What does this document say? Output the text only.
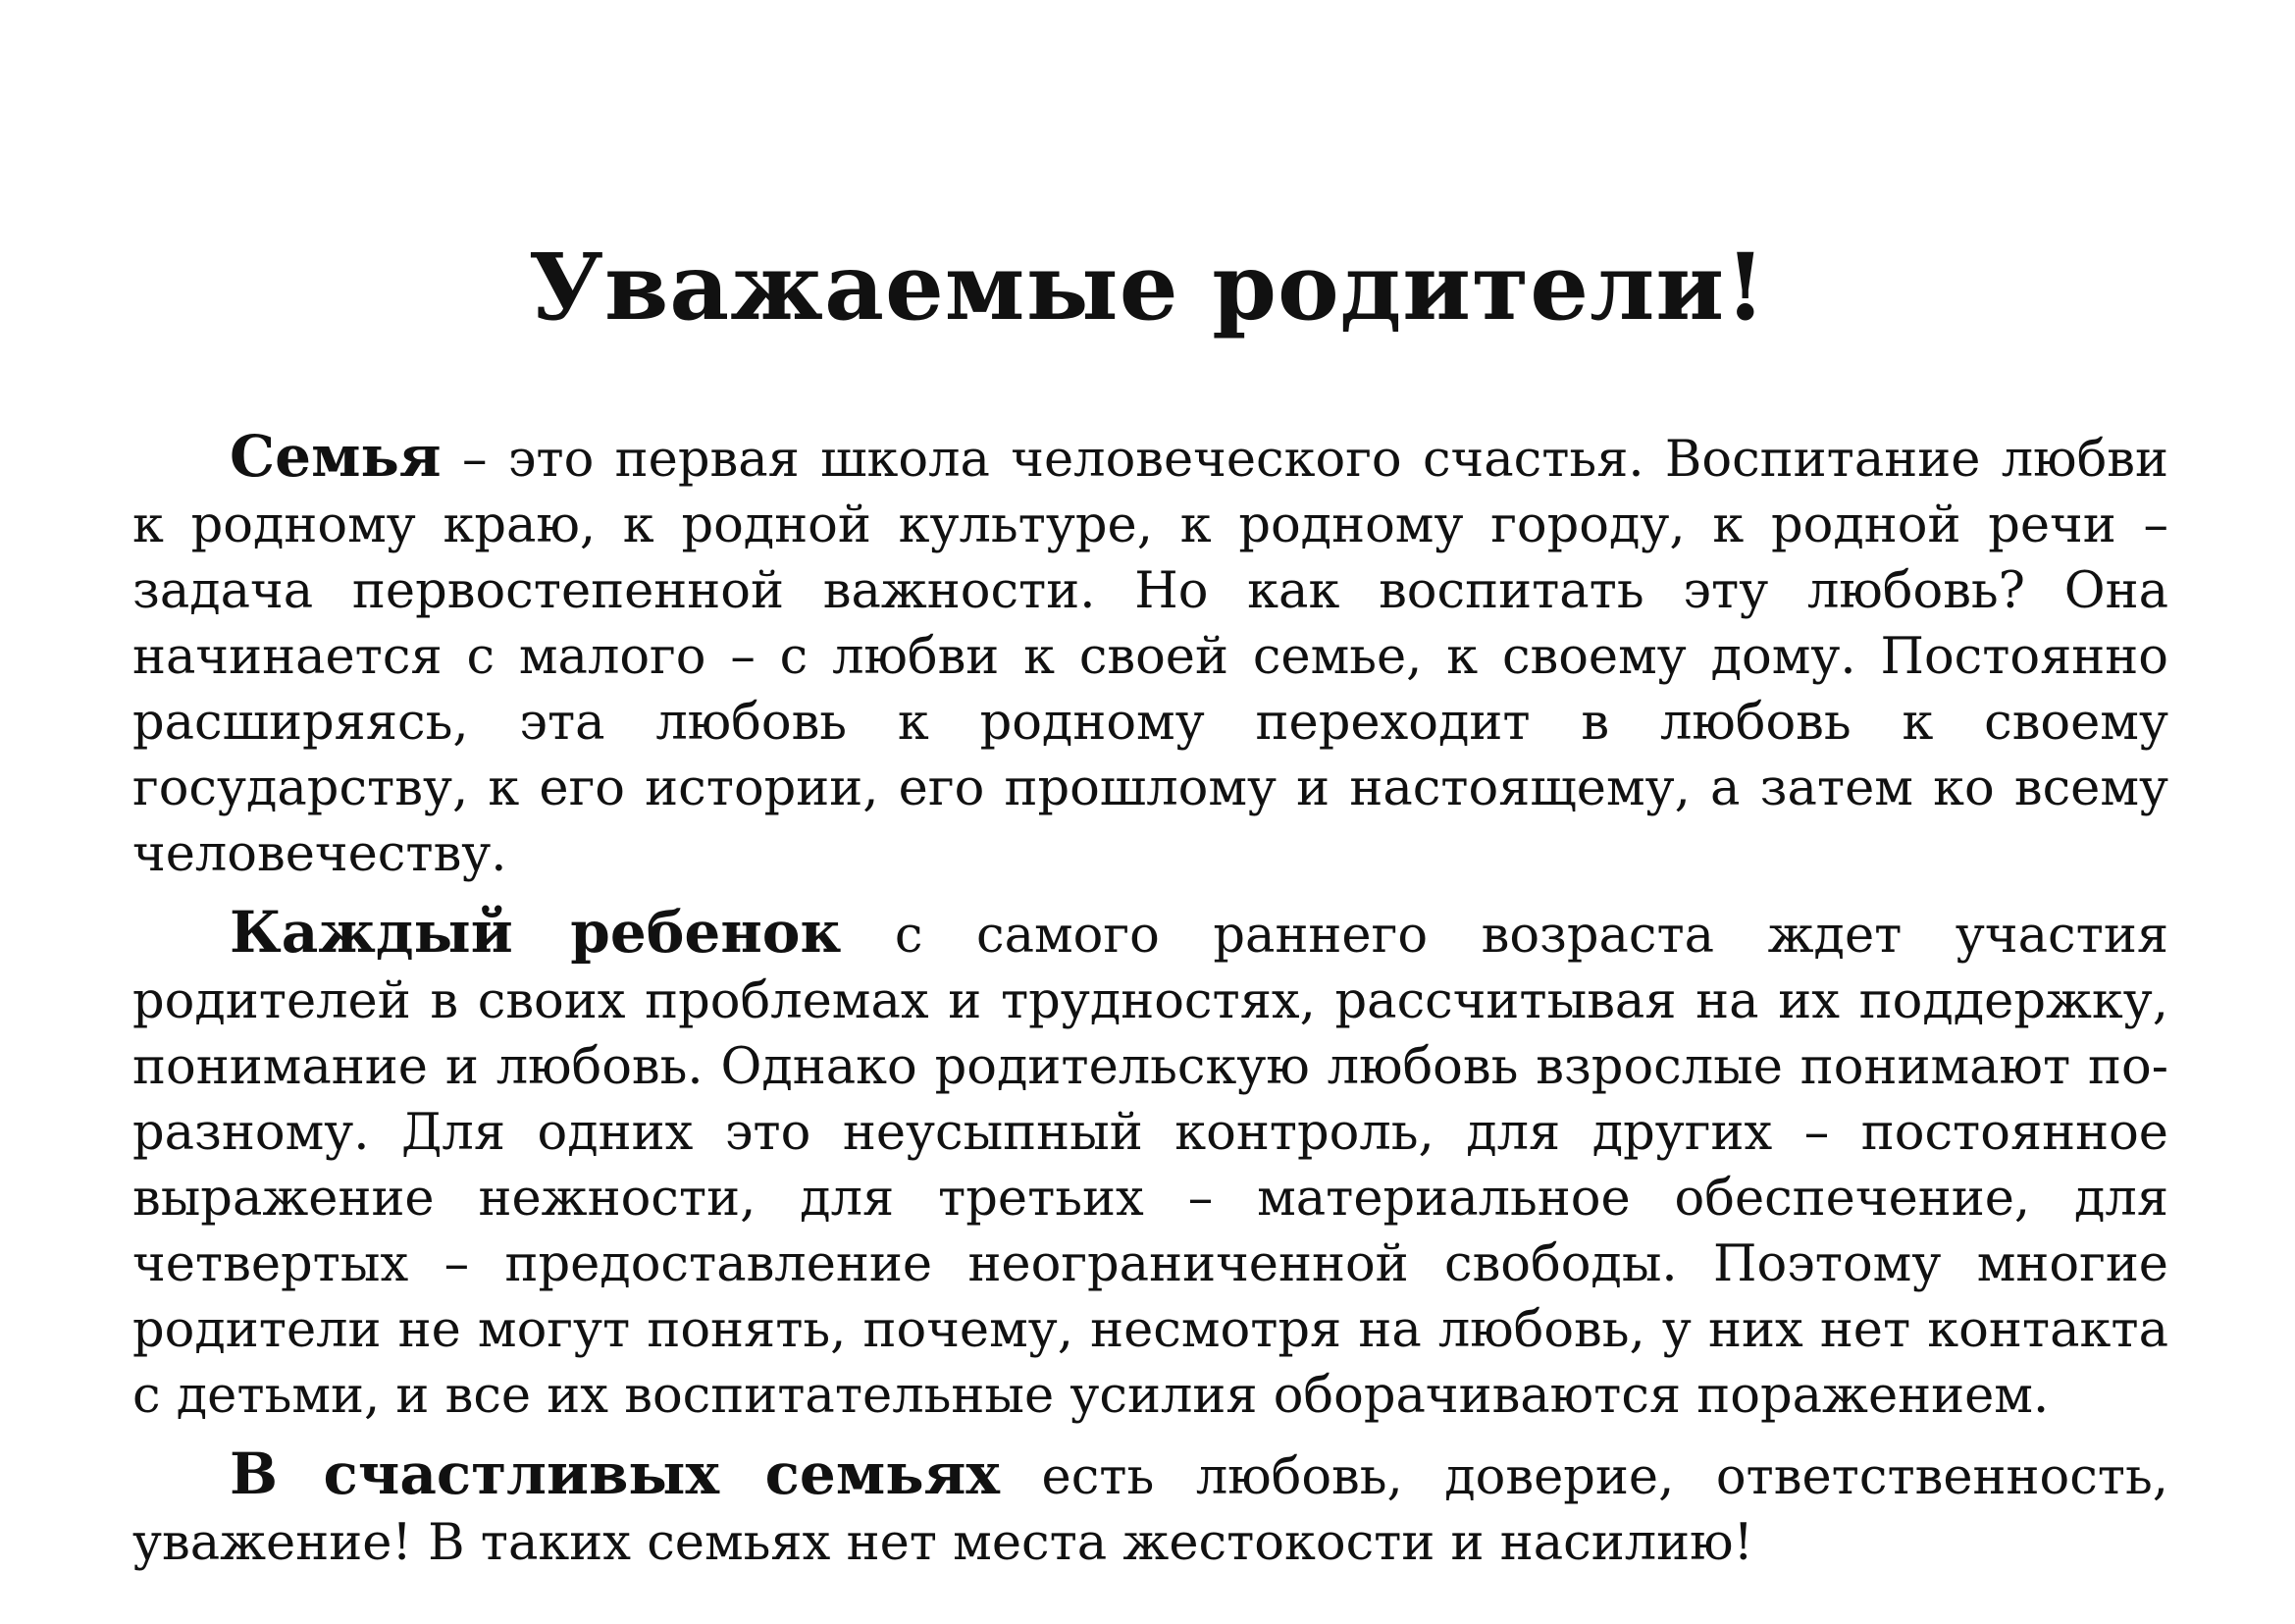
Уважаемые родители!

Семья – это первая школа человеческого счастья. Воспитание любви к родному краю, к родной культуре, к родному городу, к родной речи – задача первостепенной важности. Но как воспитать эту любовь? Она начинается с малого – с любви к своей семье, к своему дому. Постоянно расширяясь, эта любовь к родному переходит в любовь к своему государству, к его истории, его прошлому и настоящему, а затем ко всему человечеству.

Каждый ребенок с самого раннего возраста ждет участия родителей в своих проблемах и трудностях, рассчитывая на их поддержку, понимание и любовь. Однако родительскую любовь взрослые понимают по-разному. Для одних это неусыпный контроль, для других – постоянное выражение нежности, для третьих – материальное обеспечение, для четвертых – предоставление неограниченной свободы. Поэтому многие родители не могут понять, почему, несмотря на любовь, у них нет контакта с детьми, и все их воспитательные усилия оборачиваются поражением.

В счастливых семьях есть любовь, доверие, ответственность, уважение! В таких семьях нет места жестокости и насилию!
